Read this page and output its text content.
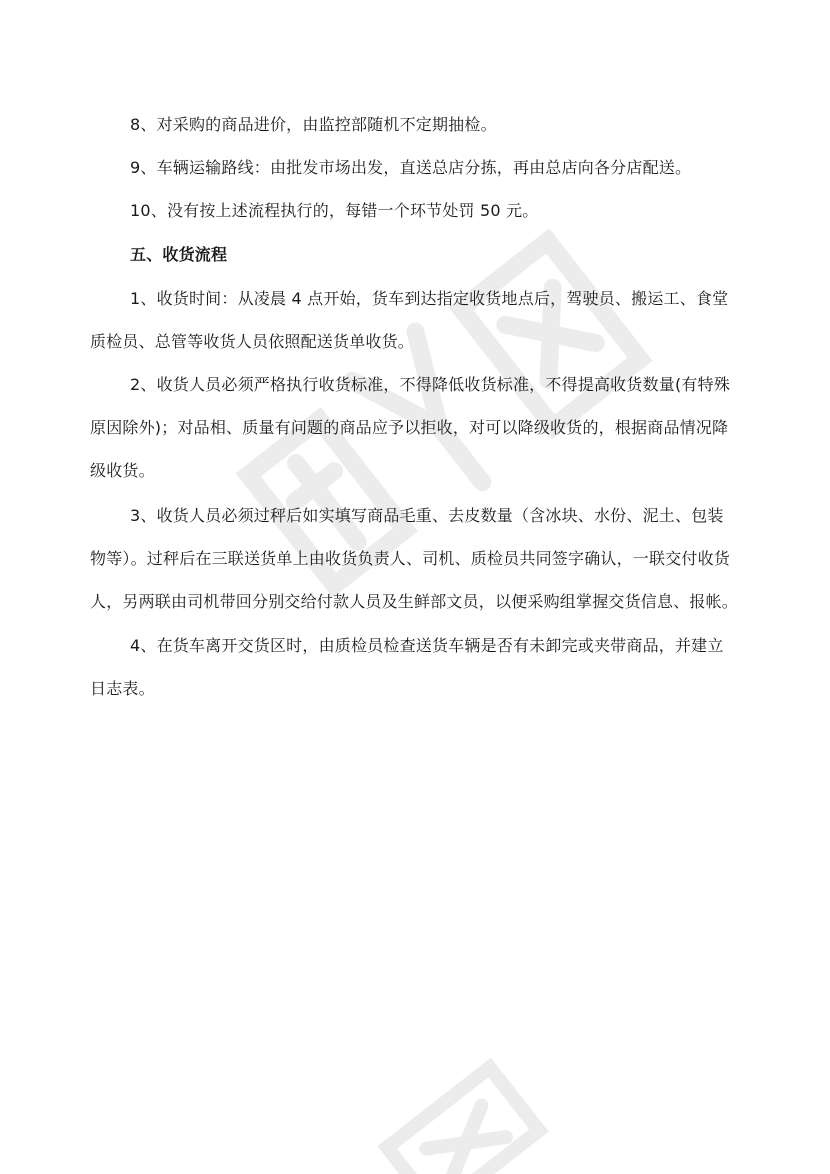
8、对采购的商品进价，由监控部随机不定期抽检。
9、车辆运输路线：由批发市场出发，直送总店分拣，再由总店向各分店配送。
10、没有按上述流程执行的，每错一个环节处罚 50 元。
五、收货流程
1、收货时间：从凌晨 4 点开始，货车到达指定收货地点后，驾驶员、搬运工、食堂
质检员、总管等收货人员依照配送货单收货。
2、收货人员必须严格执行收货标准，不得降低收货标准，不得提高收货数量(有特殊
原因除外)；对品相、质量有问题的商品应予以拒收，对可以降级收货的，根据商品情况降
级收货。
3、收货人员必须过秤后如实填写商品毛重、去皮数量（含冰块、水份、泥土、包装
物等）。过秤后在三联送货单上由收货负责人、司机、质检员共同签字确认，一联交付收货
人，另两联由司机带回分别交给付款人员及生鲜部文员，以便采购组掌握交货信息、报帐。
4、在货车离开交货区时，由质检员检查送货车辆是否有未卸完或夹带商品，并建立
日志表。
